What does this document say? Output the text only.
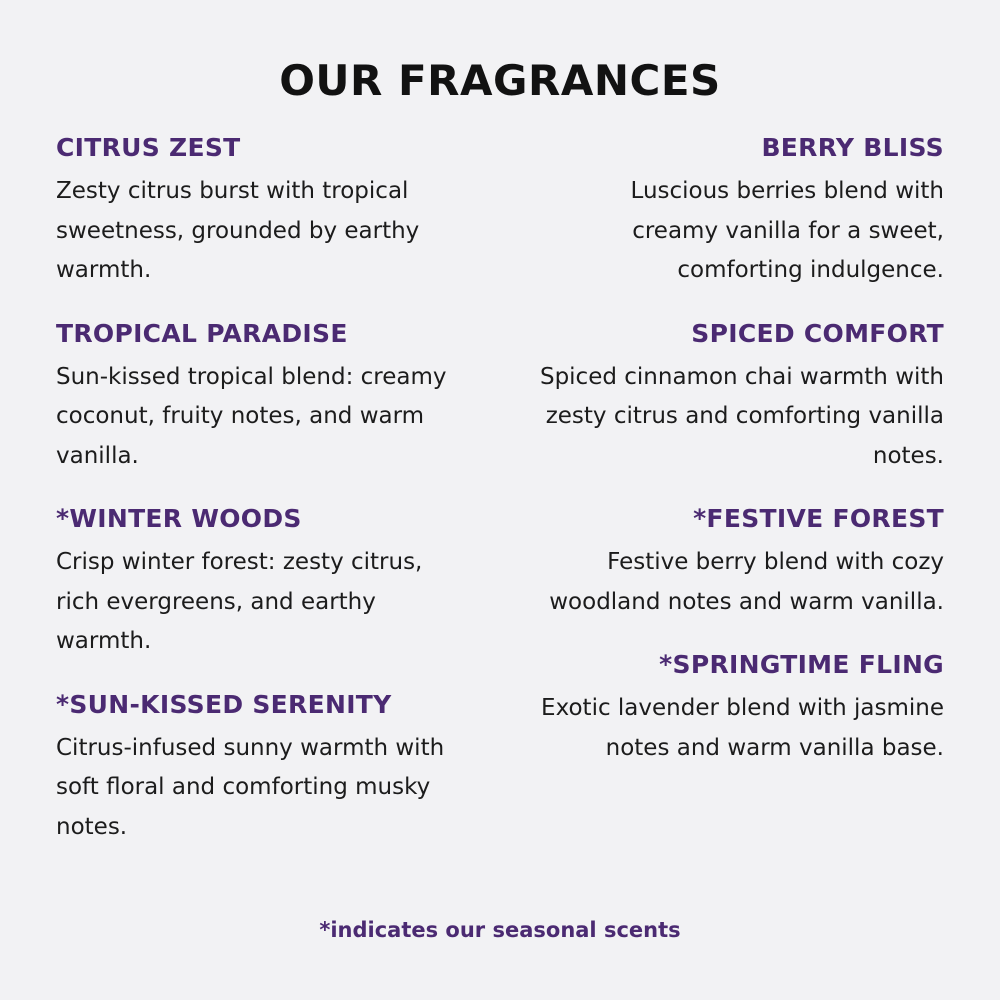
OUR FRAGRANCES
CITRUS ZEST
Zesty citrus burst with tropical sweetness, grounded by earthy warmth.
TROPICAL PARADISE
Sun-kissed tropical blend: creamy coconut, fruity notes, and warm vanilla.
*WINTER WOODS
Crisp winter forest: zesty citrus, rich evergreens, and earthy warmth.
*SUN-KISSED SERENITY
Citrus-infused sunny warmth with soft floral and comforting musky notes.
BERRY BLISS
Luscious berries blend with creamy vanilla for a sweet, comforting indulgence.
SPICED COMFORT
Spiced cinnamon chai warmth with zesty citrus and comforting vanilla notes.
*FESTIVE FOREST
Festive berry blend with cozy woodland notes and warm vanilla.
*SPRINGTIME FLING
Exotic lavender blend with jasmine notes and warm vanilla base.
*indicates our seasonal scents
